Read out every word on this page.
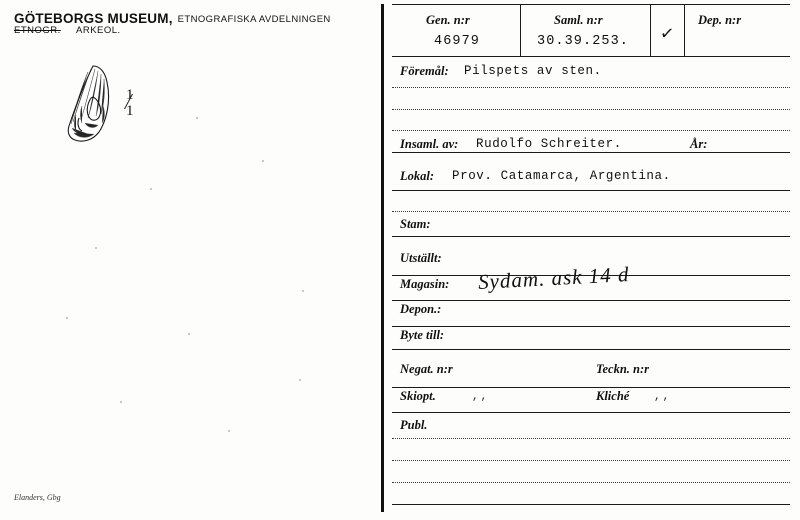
GÖTEBORGS MUSEUM, ETNOGRAFISKA AVDELNINGEN
ETNOGR. ARKEOL.
1
1
Elanders, Gbg
Gen. n:r
46979
Saml. n:r
30.39.253. ✓
Dep. n:r
Föremål: Pilspets av sten.
Insaml. av: Rudolfo Schreiter.	År:
Lokal: Prov. Catamarca, Argentina.
Stam:
Utställt:
Magasin: Sydam. ask 14 d
Depon.:
Byte till:
Negat. n:r	Teckn. n:r
Skiopt.	,,	Kliché ,,
Publ.
